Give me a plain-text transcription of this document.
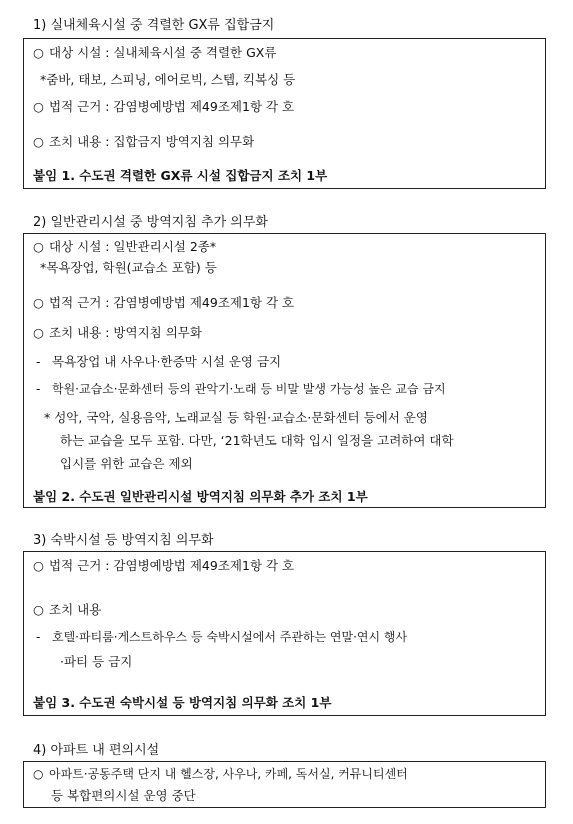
1) 실내체육시설 중 격렬한 GX류 집합금지
○ 대상 시설 : 실내체육시설 중 격렬한 GX류
*줌바, 태보, 스피닝, 에어로빅, 스텝, 킥복싱 등
○ 법적 근거 : 감염병예방법 제49조제1항 각 호
○ 조치 내용 : 집합금지 방역지침 의무화
붙임 1. 수도권 격렬한 GX류 시설 집합금지 조치 1부
2) 일반관리시설 중 방역지침 추가 의무화
○ 대상 시설 : 일반관리시설 2종*
*목욕장업, 학원(교습소 포함) 등
○ 법적 근거 : 감염병예방법 제49조제1항 각 호
○ 조치 내용 : 방역지침 의무화
- 목욕장업 내 사우나·한증막 시설 운영 금지
- 학원·교습소·문화센터 등의 관악기·노래 등 비말 발생 가능성 높은 교습 금지
* 성악, 국악, 실용음악, 노래교실 등 학원·교습소·문화센터 등에서 운영
하는 교습을 모두 포함. 다만, ‘21학년도 대학 입시 일정을 고려하여 대학
입시를 위한 교습은 제외
붙임 2. 수도권 일반관리시설 방역지침 의무화 추가 조치 1부
3) 숙박시설 등 방역지침 의무화
○ 법적 근거 : 감염병예방법 제49조제1항 각 호
○ 조치 내용
- 호텔·파티룸·게스트하우스 등 숙박시설에서 주관하는 연말·연시 행사
·파티 등 금지
붙임 3. 수도권 숙박시설 등 방역지침 의무화 조치 1부
4) 아파트 내 편의시설
○ 아파트·공동주택 단지 내 헬스장, 사우나, 카페, 독서실, 커뮤니티센터
등 복합편의시설 운영 중단
